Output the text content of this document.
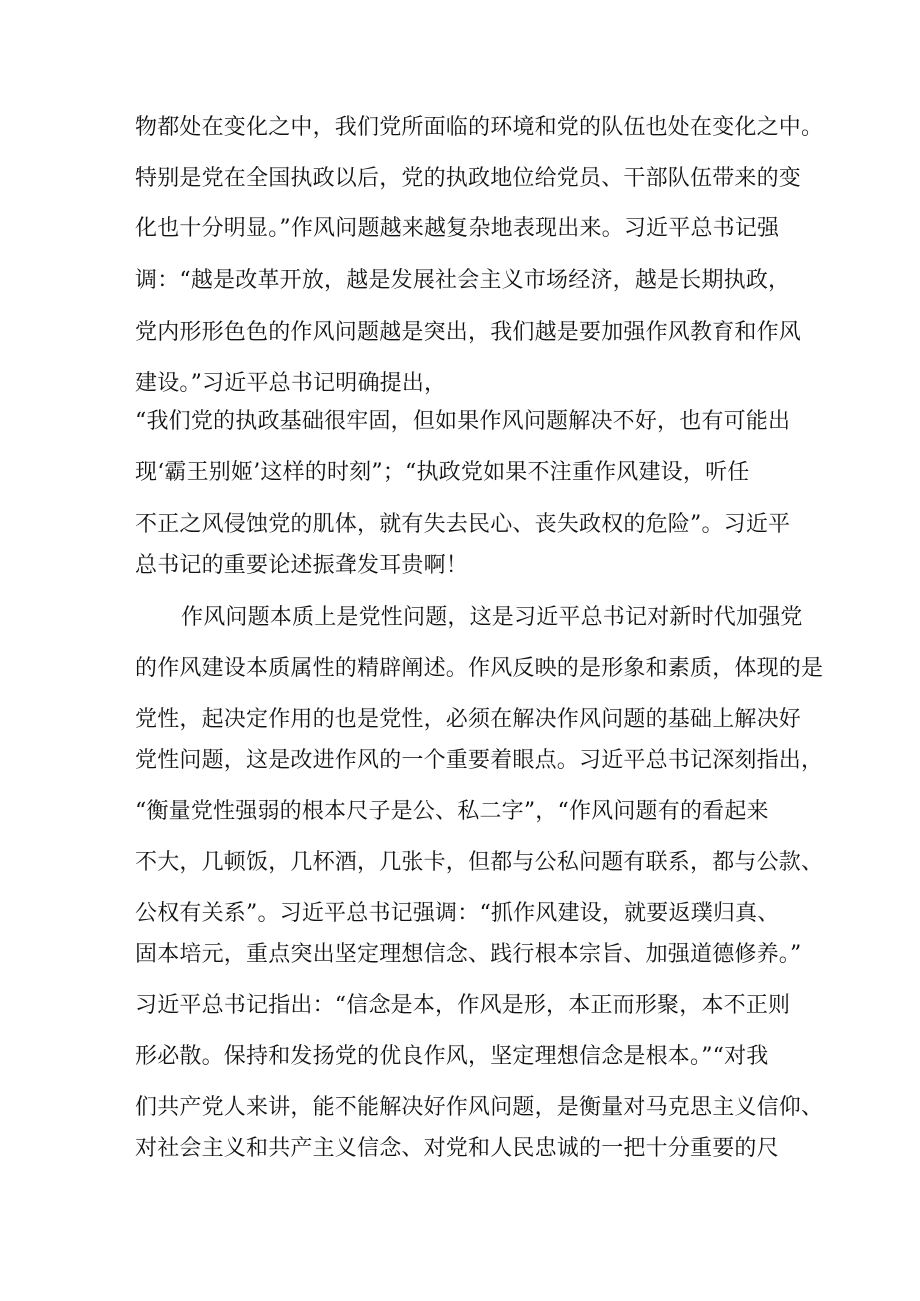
物都处在变化之中，我们党所面临的环境和党的队伍也处在变化之中。
特别是党在全国执政以后，党的执政地位给党员、干部队伍带来的变
化也十分明显。”作风问题越来越复杂地表现出来。习近平总书记强
调：“越是改革开放，越是发展社会主义市场经济，越是长期执政，
党内形形色色的作风问题越是突出，我们越是要加强作风教育和作风
建设。”习近平总书记明确提出，
“我们党的执政基础很牢固，但如果作风问题解决不好，也有可能出
现‘霸王别姬’这样的时刻”；“执政党如果不注重作风建设，听任
不正之风侵蚀党的肌体，就有失去民心、丧失政权的危险”。习近平
总书记的重要论述振聋发耳贵啊！
作风问题本质上是党性问题，这是习近平总书记对新时代加强党
的作风建设本质属性的精辟阐述。作风反映的是形象和素质，体现的是
党性，起决定作用的也是党性，必须在解决作风问题的基础上解决好
党性问题，这是改进作风的一个重要着眼点。习近平总书记深刻指出，
“衡量党性强弱的根本尺子是公、私二字”，“作风问题有的看起来
不大，几顿饭，几杯酒，几张卡，但都与公私问题有联系，都与公款、
公权有关系”。习近平总书记强调：“抓作风建设，就要返璞归真、
固本培元，重点突出坚定理想信念、践行根本宗旨、加强道德修养。”
习近平总书记指出：“信念是本，作风是形，本正而形聚，本不正则
形必散。保持和发扬党的优良作风，坚定理想信念是根本。”“对我
们共产党人来讲，能不能解决好作风问题，是衡量对马克思主义信仰、
对社会主义和共产主义信念、对党和人民忠诚的一把十分重要的尺
